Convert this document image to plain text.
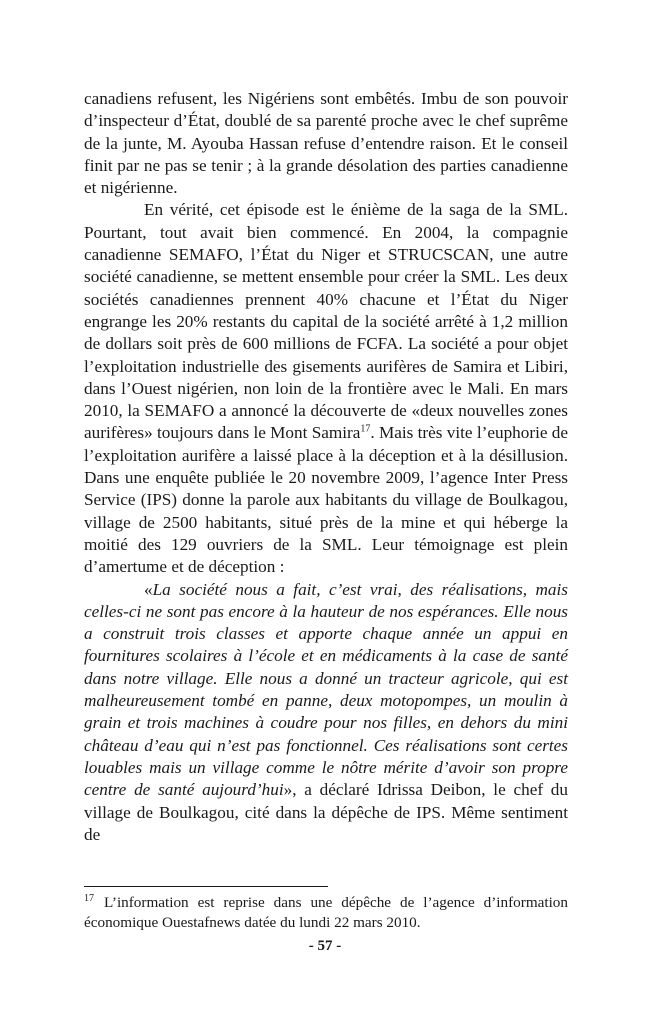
canadiens refusent, les Nigériens sont embêtés. Imbu de son pouvoir d’inspecteur d’État, doublé de sa parenté proche avec le chef suprême de la junte, M. Ayouba Hassan refuse d’entendre raison. Et le conseil finit par ne pas se tenir ; à la grande désolation des parties canadienne et nigérienne.

En vérité, cet épisode est le énième de la saga de la SML. Pourtant, tout avait bien commencé. En 2004, la compagnie canadienne SEMAFO, l’État du Niger et STRUCSCAN, une autre société canadienne, se mettent ensemble pour créer la SML. Les deux sociétés canadiennes prennent 40% chacune et l’État du Niger engrange les 20% restants du capital de la société arrêté à 1,2 million de dollars soit près de 600 millions de FCFA. La société a pour objet l’exploitation industrielle des gisements aurifères de Samira et Libiri, dans l’Ouest nigérien, non loin de la frontière avec le Mali. En mars 2010, la SEMAFO a annoncé la découverte de «deux nouvelles zones aurifères» toujours dans le Mont Samira$^{17}$. Mais très vite l’euphorie de l’exploitation aurifère a laissé place à la déception et à la désillusion. Dans une enquête publiée le 20 novembre 2009, l’agence Inter Press Service (IPS) donne la parole aux habitants du village de Boulkagou, village de 2500 habitants, situé près de la mine et qui héberge la moitié des 129 ouvriers de la SML. Leur témoignage est plein d’amertume et de déception :

«La société nous a fait, c’est vrai, des réalisations, mais celles-ci ne sont pas encore à la hauteur de nos espérances. Elle nous a construit trois classes et apporte chaque année un appui en fournitures scolaires à l’école et en médicaments à la case de santé dans notre village. Elle nous a donné un tracteur agricole, qui est malheureusement tombé en panne, deux motopompes, un moulin à grain et trois machines à coudre pour nos filles, en dehors du mini château d’eau qui n’est pas fonctionnel. Ces réalisations sont certes louables mais un village comme le nôtre mérite d’avoir son propre centre de santé aujourd’hui», a déclaré Idrissa Deibon, le chef du village de Boulkagou, cité dans la dépêche de IPS. Même sentiment de

$^{17}$ L’information est reprise dans une dépêche de l’agence d’information économique Ouestafnews datée du lundi 22 mars 2010.

- 57 -
